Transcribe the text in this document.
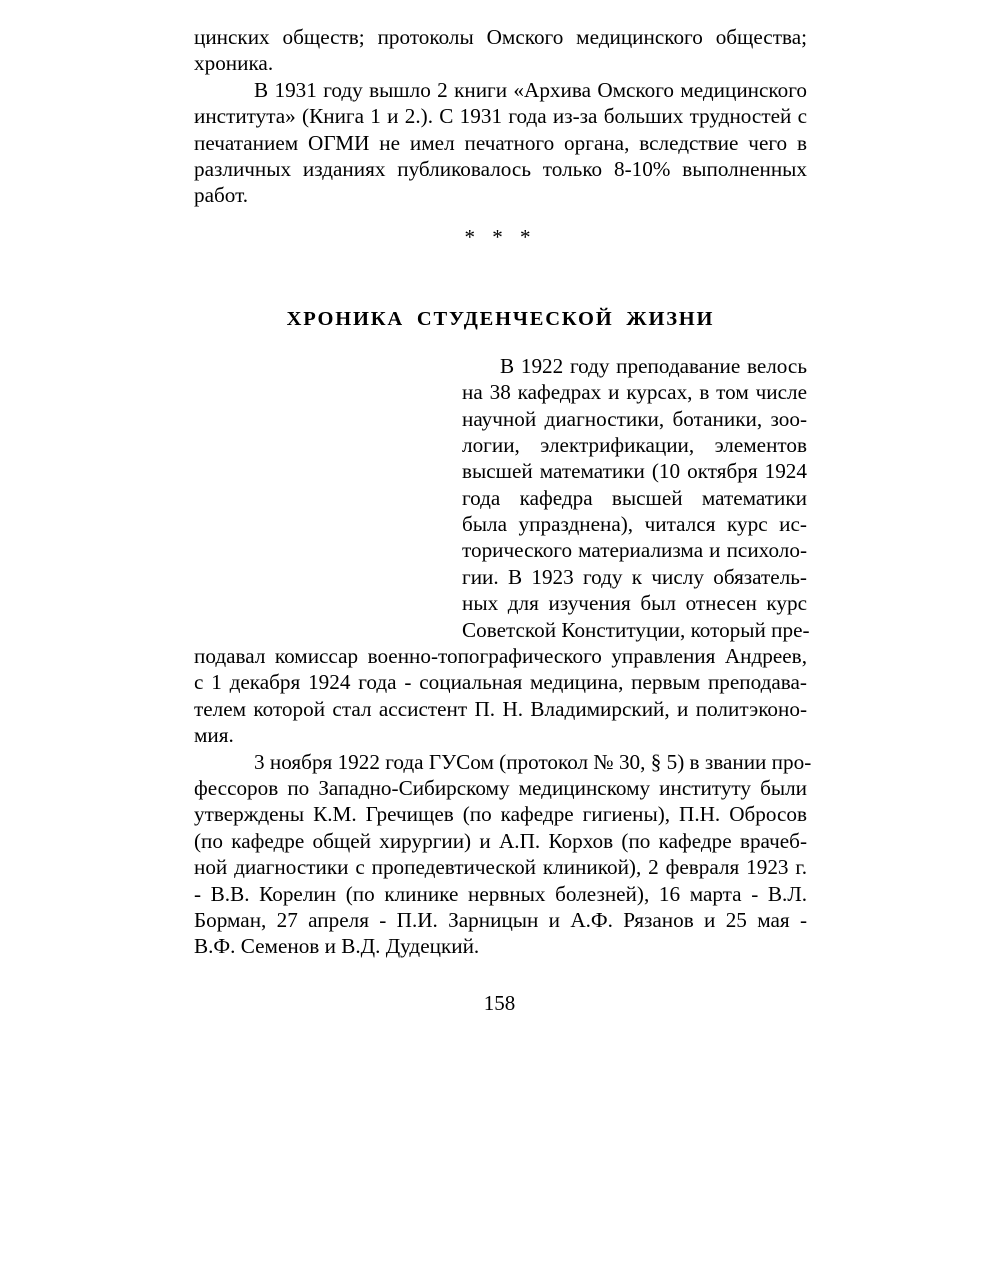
цинских обществ; протоколы Омского медицинского общества;
хроника.
В 1931 году вышло 2 книги «Архива Омского медицинского
института» (Книга 1 и 2.). С 1931 года из-за больших трудностей с
печатанием ОГМИ не имел печатного органа, вследствие чего в
различных изданиях публиковалось только 8-10% выполненных
работ.
* * *
ХРОНИКА СТУДЕНЧЕСКОЙ ЖИЗНИ
В 1922 году преподавание велось
на 38 кафедрах и курсах, в том числе
научной диагностики, ботаники, зоо-
логии, электрификации, элементов
высшей математики (10 октября 1924
года кафедра высшей математики
была упразднена), читался курс ис-
торического материализма и психоло-
гии. В 1923 году к числу обязатель-
ных для изучения был отнесен курс
Советской Конституции, который пре-
подавал комиссар военно-топографического управления Андреев,
с 1 декабря 1924 года - социальная медицина, первым преподава-
телем которой стал ассистент П. Н. Владимирский, и политэконо-
мия.
3 ноября 1922 года ГУСом (протокол № 30, § 5) в звании про-
фессоров по Западно-Сибирскому медицинскому институту были
утверждены К.М. Гречищев (по кафедре гигиены), П.Н. Обросов
(по кафедре общей хирургии) и А.П. Корхов (по кафедре врачеб-
ной диагностики с пропедевтической клиникой), 2 февраля 1923 г.
- В.В. Корелин (по клинике нервных болезней), 16 марта - В.Л.
Борман, 27 апреля - П.И. Зарницын и А.Ф. Рязанов и 25 мая -
В.Ф. Семенов и В.Д. Дудецкий.
158
